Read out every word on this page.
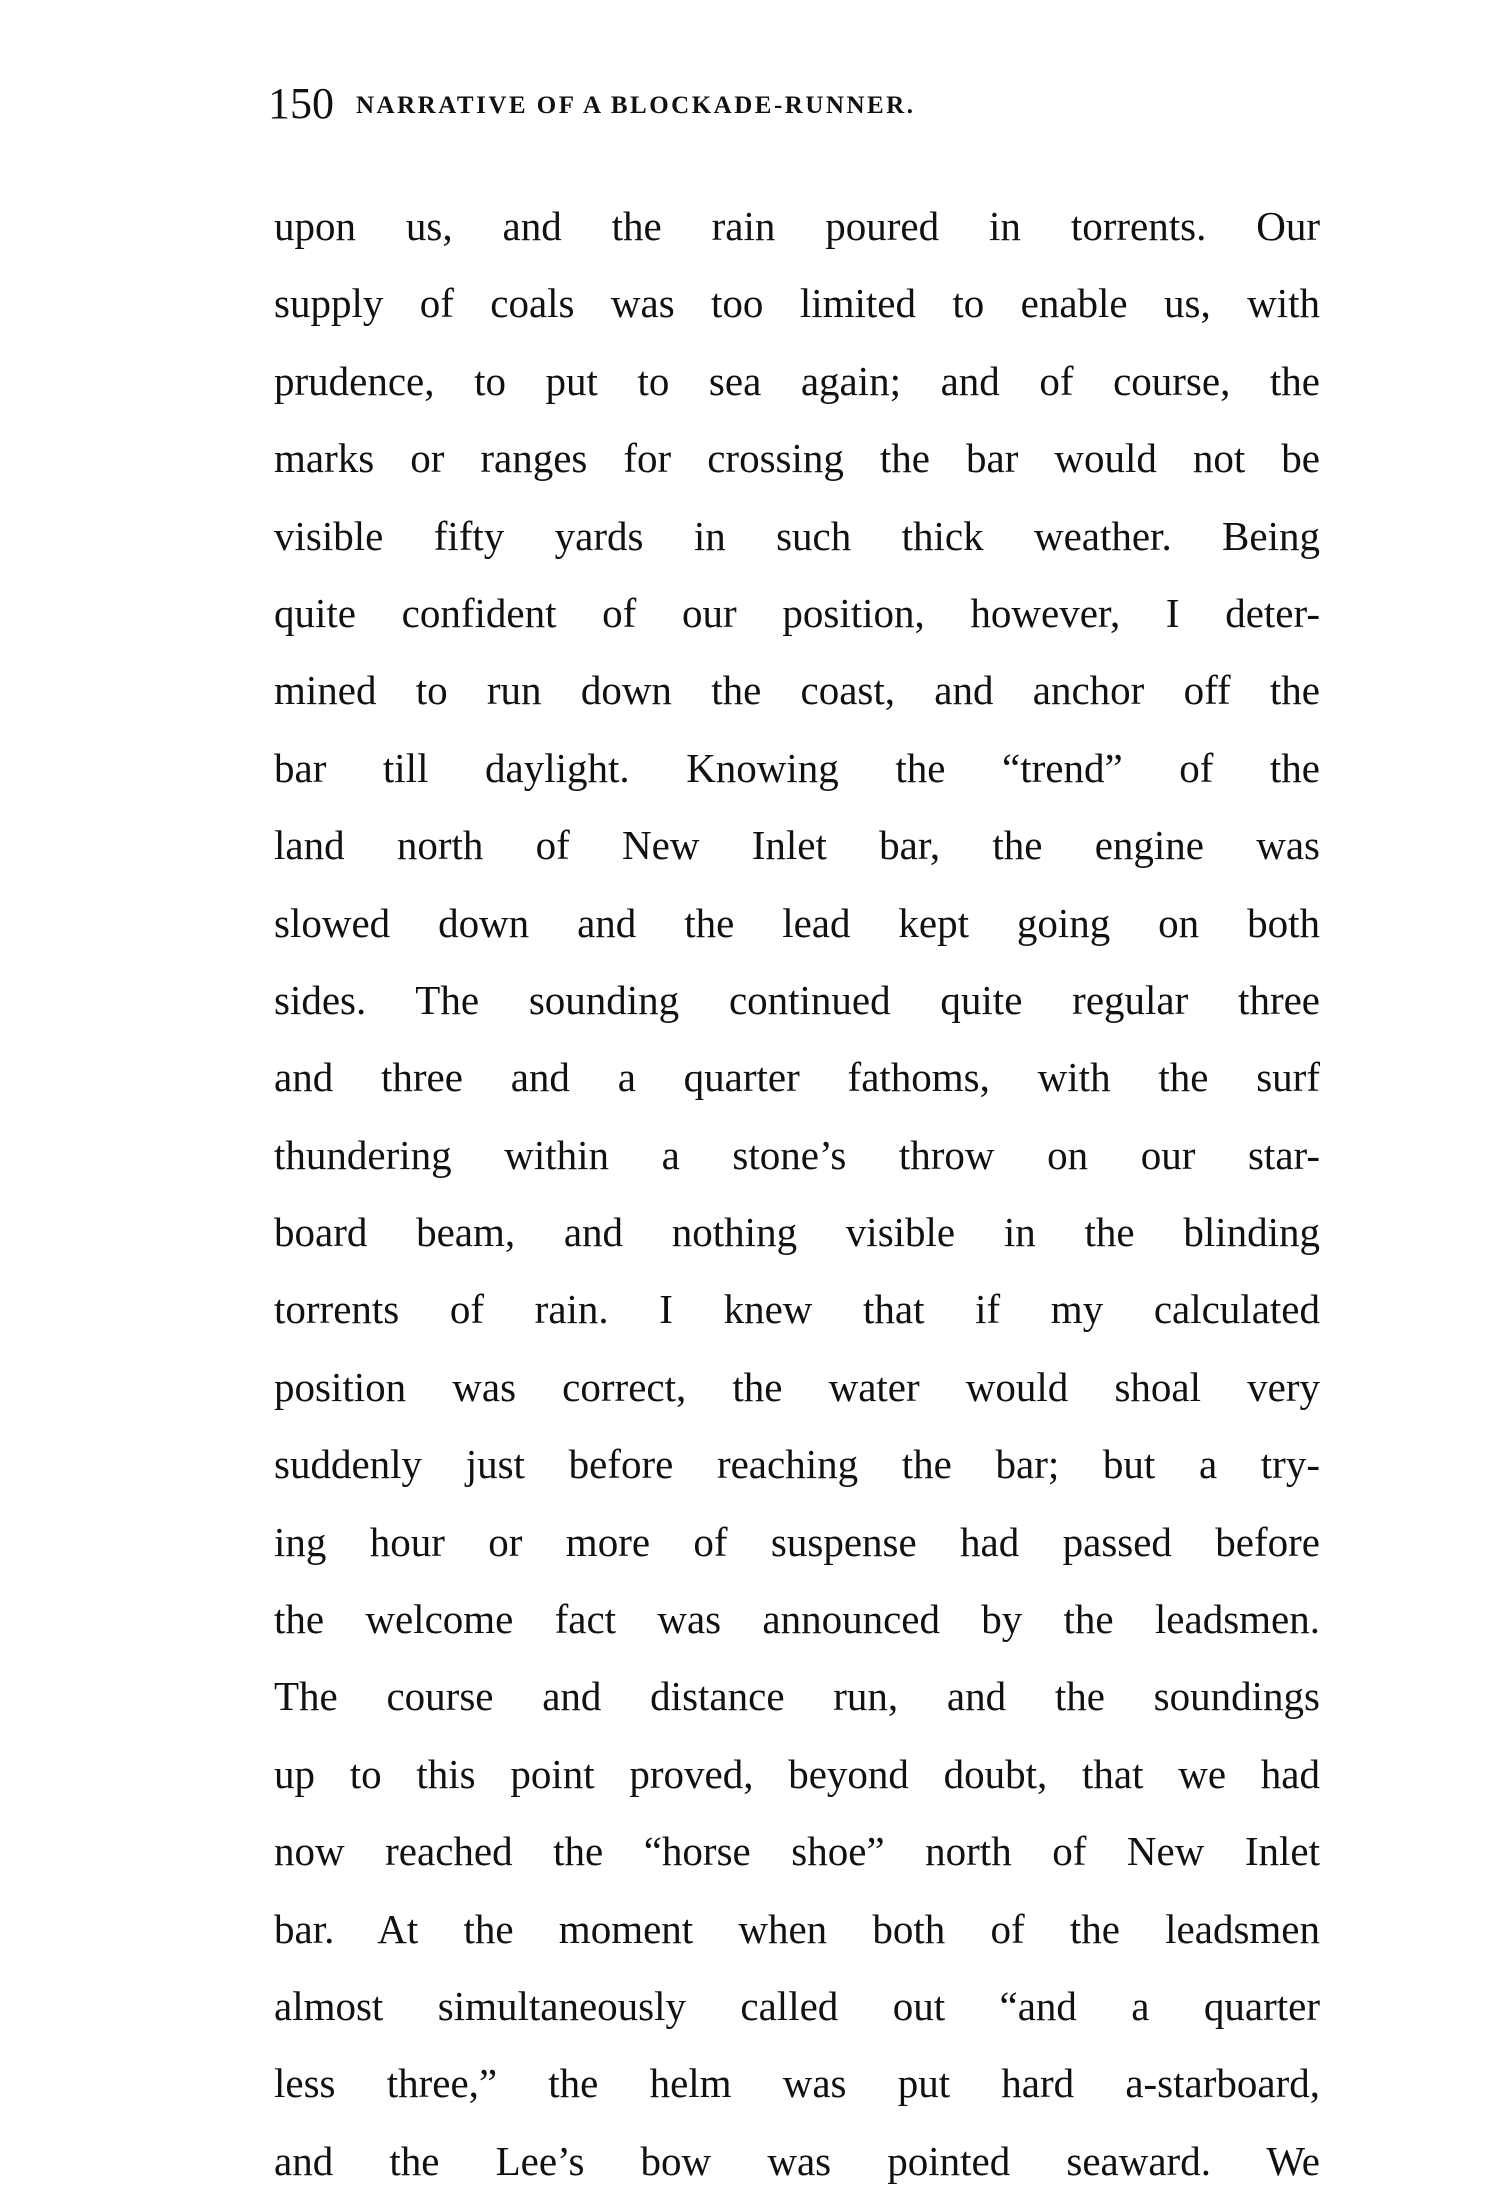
150 NARRATIVE OF A BLOCKADE-RUNNER.
upon us, and the rain poured in torrents. Our
supply of coals was too limited to enable us, with
prudence, to put to sea again; and of course, the
marks or ranges for crossing the bar would not be
visible fifty yards in such thick weather. Being
quite confident of our position, however, I deter-
mined to run down the coast, and anchor off the
bar till daylight. Knowing the “trend” of the
land north of New Inlet bar, the engine was
slowed down and the lead kept going on both
sides. The sounding continued quite regular three
and three and a quarter fathoms, with the surf
thundering within a stone’s throw on our star-
board beam, and nothing visible in the blinding
torrents of rain. I knew that if my calculated
position was correct, the water would shoal very
suddenly just before reaching the bar; but a try-
ing hour or more of suspense had passed before
the welcome fact was announced by the leadsmen.
The course and distance run, and the soundings
up to this point proved, beyond doubt, that we had
now reached the “horse shoe” north of New Inlet
bar. At the moment when both of the leadsmen
almost simultaneously called out “and a quarter
less three,” the helm was put hard a-starboard,
and the Lee’s bow was pointed seaward. We
